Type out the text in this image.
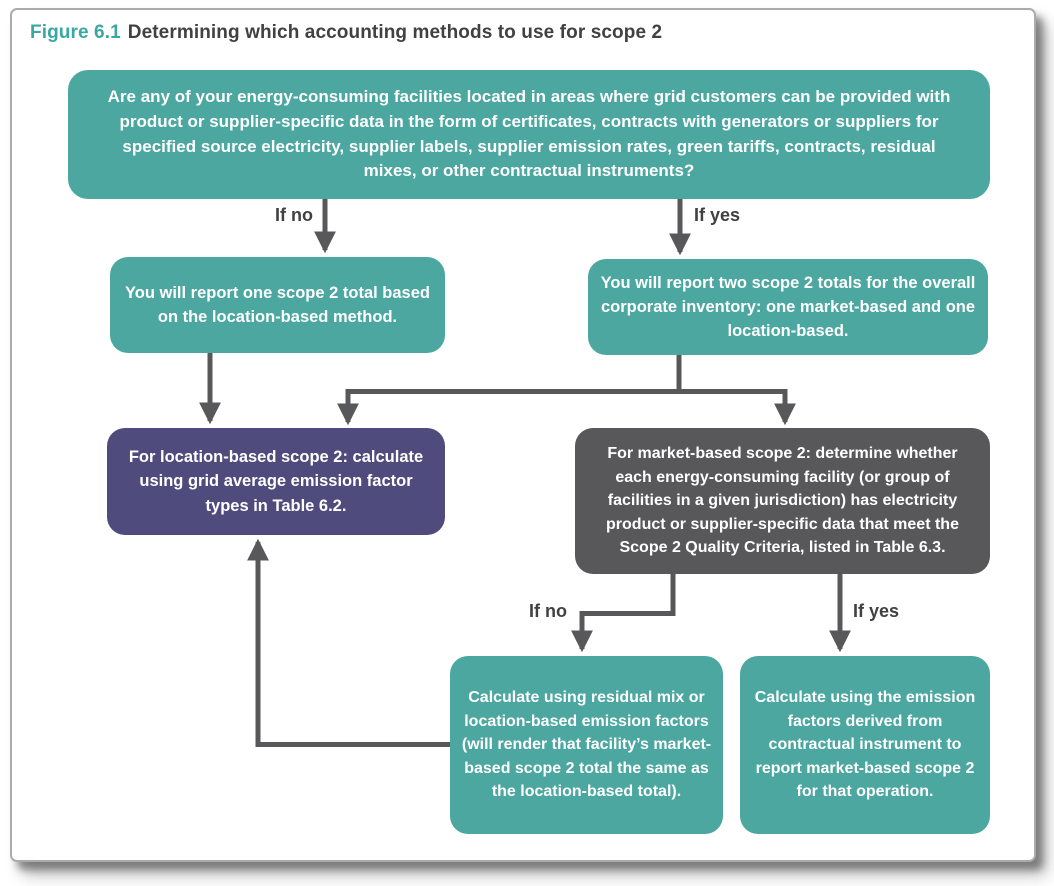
Figure 6.1 Determining which accounting methods to use for scope 2
Are any of your energy-consuming facilities located in areas where grid customers can be provided with product or supplier-specific data in the form of certificates, contracts with generators or suppliers for specified source electricity, supplier labels, supplier emission rates, green tariffs, contracts, residual mixes, or other contractual instruments?
If no	If yes
You will report one scope 2 total based on the location-based method.
You will report two scope 2 totals for the overall corporate inventory: one market-based and one location-based.
For location-based scope 2: calculate using grid average emission factor types in Table 6.2.
For market-based scope 2: determine whether each energy-consuming facility (or group of facilities in a given jurisdiction) has electricity product or supplier-specific data that meet the Scope 2 Quality Criteria, listed in Table 6.3.
If no	If yes
Calculate using residual mix or location-based emission factors (will render that facility’s market-based scope 2 total the same as the location-based total).
Calculate using the emission factors derived from contractual instrument to report market-based scope 2 for that operation.
